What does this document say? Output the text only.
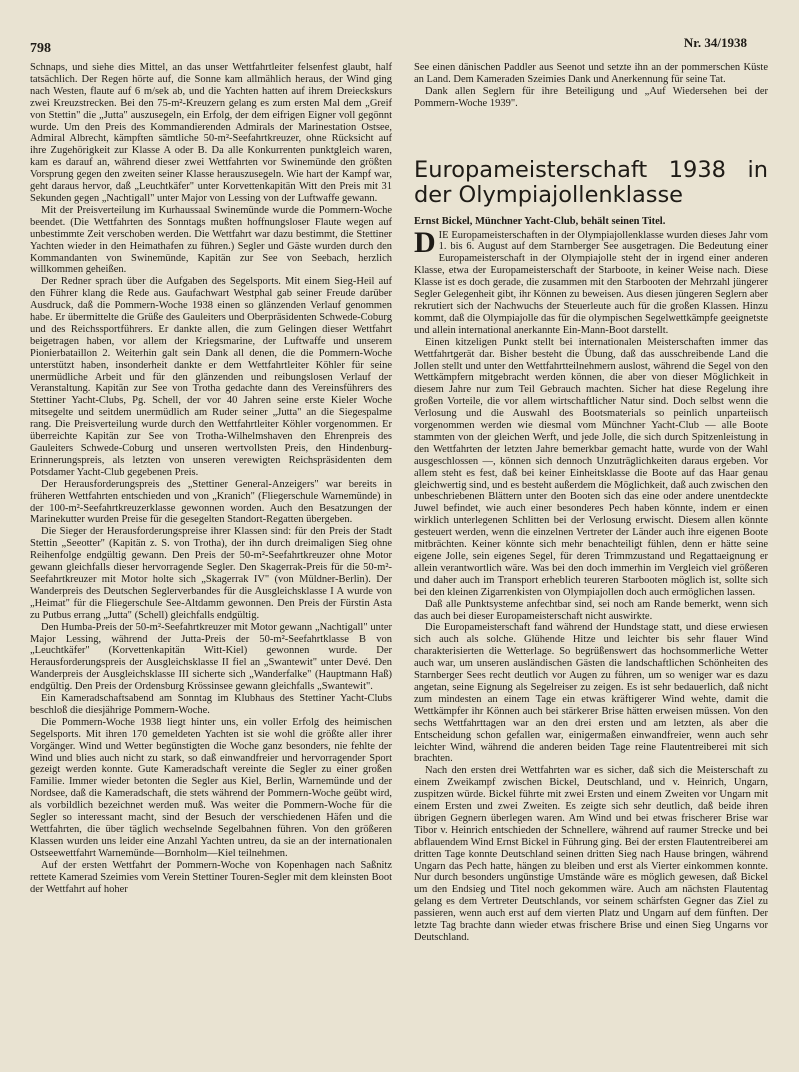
798	Nr. 34/1938

Schnaps, und siehe dies Mittel, an das unser Wettfahrtleiter felsenfest glaubt, half tatsächlich. Der Regen hörte auf, die Sonne kam allmählich heraus, der Wind ging nach Westen, flaute auf 6 m/sek ab, und die Yachten hatten auf ihrem Dreieckskurs zwei Kreuzstrecken. Bei den 75-m²-Kreuzern gelang es zum ersten Mal dem „Greif von Stettin" die „Jutta" auszusegeln, ein Erfolg, der dem eifrigen Eigner voll gegönnt wurde. Um den Preis des Kommandierenden Admirals der Marinestation Ostsee, Admiral Albrecht, kämpften sämtliche 50-m²-Seefahrtkreuzer, ohne Rücksicht auf ihre Zugehörigkeit zur Klasse A oder B. Da alle Konkurrenten punktgleich waren, kam es darauf an, während dieser zwei Wettfahrten vor Swinemünde den größten Vorsprung gegen den zweiten seiner Klasse herauszusegeln. Wie hart der Kampf war, geht daraus hervor, daß „Leuchtkäfer" unter Korvettenkapitän Witt den Preis mit 31 Sekunden gegen „Nachtigall" unter Major von Lessing von der Luftwaffe gewann.

Mit der Preisverteilung im Kurhaussaal Swinemünde wurde die Pommern-Woche beendet. (Die Wettfahrten des Sonntags mußten hoffnungsloser Flaute wegen auf unbestimmte Zeit verschoben werden. Die Wettfahrt war dazu bestimmt, die Stettiner Yachten wieder in den Heimathafen zu führen.) Segler und Gäste wurden durch den Kommandanten von Swinemünde, Kapitän zur See von Seebach, herzlich willkommen geheißen.

Der Redner sprach über die Aufgaben des Segelsports. Mit einem Sieg-Heil auf den Führer klang die Rede aus. Gaufachwart Westphal gab seiner Freude darüber Ausdruck, daß die Pommern-Woche 1938 einen so glänzenden Verlauf genommen habe. Er übermittelte die Grüße des Gauleiters und Oberpräsidenten Schwede-Coburg und des Reichssportführers. Er dankte allen, die zum Gelingen dieser Wettfahrt beigetragen haben, vor allem der Kriegsmarine, der Luftwaffe und unserem Pionierbataillon 2. Weiterhin galt sein Dank all denen, die die Pommern-Woche unterstützt haben, insonderheit dankte er dem Wettfahrtleiter Köhler für seine unermüdliche Arbeit und für den glänzenden und reibungslosen Verlauf der Veranstaltung. Kapitän zur See von Trotha gedachte dann des Vereinsführers des Stettiner Yacht-Clubs, Pg. Schell, der vor 40 Jahren seine erste Kieler Woche mitsegelte und seitdem unermüdlich am Ruder seiner „Jutta" an die Siegespalme rang. Die Preisverteilung wurde durch den Wettfahrtleiter Köhler vorgenommen. Er überreichte Kapitän zur See von Trotha-Wilhelmshaven den Ehrenpreis des Gauleiters Schwede-Coburg und unseren wertvollsten Preis, den Hindenburg-Erinnerungspreis, als letzten von unseren verewigten Reichspräsidenten dem Potsdamer Yacht-Club gegebenen Preis.

Der Herausforderungspreis des „Stettiner General-Anzeigers" war bereits in früheren Wettfahrten entschieden und von „Kranich" (Fliegerschule Warnemünde) in der 100-m²-Seefahrtkreuzerklasse gewonnen worden. Auch den Besatzungen der Marinekutter wurden Preise für die gesegelten Standort-Regatten übergeben.

Die Sieger der Herausforderungspreise ihrer Klassen sind: für den Preis der Stadt Stettin „Seeotter" (Kapitän z. S. von Trotha), der ihn durch dreimaligen Sieg ohne Reihenfolge endgültig gewann. Den Preis der 50-m²-Seefahrtkreuzer ohne Motor gewann gleichfalls dieser hervorragende Segler. Den Skagerrak-Preis für die 50-m²-Seefahrtkreuzer mit Motor holte sich „Skagerrak IV" (von Müldner-Berlin). Der Wanderpreis des Deutschen Seglerverbandes für die Ausgleichsklasse I A wurde von „Heimat" für die Fliegerschule See-Altdamm gewonnen. Den Preis der Fürstin Asta zu Putbus errang „Jutta" (Schell) gleichfalls endgültig.

Den Humba-Preis der 50-m²-Seefahrtkreuzer mit Motor gewann „Nachtigall" unter Major Lessing, während der Jutta-Preis der 50-m²-Seefahrtklasse B von „Leuchtkäfer" (Korvettenkapitän Witt-Kiel) gewonnen wurde. Der Herausforderungspreis der Ausgleichsklasse II fiel an „Swantewit" unter Devé. Den Wanderpreis der Ausgleichsklasse III sicherte sich „Wanderfalke" (Hauptmann Haß) endgültig. Den Preis der Ordensburg Krössinsee gewann gleichfalls „Swantewit".

Ein Kameradschaftsabend am Sonntag im Klubhaus des Stettiner Yacht-Clubs beschloß die diesjährige Pommern-Woche.

Die Pommern-Woche 1938 liegt hinter uns, ein voller Erfolg des heimischen Segelsports. Mit ihren 170 gemeldeten Yachten ist sie wohl die größte aller ihrer Vorgänger. Wind und Wetter begünstigten die Woche ganz besonders, nie fehlte der Wind und blies auch nicht zu stark, so daß einwandfreier und hervorragender Sport gezeigt werden konnte. Gute Kameradschaft vereinte die Segler zu einer großen Familie. Immer wieder betonten die Segler aus Kiel, Berlin, Warnemünde und der Nordsee, daß die Kameradschaft, die stets während der Pommern-Woche geübt wird, als vorbildlich bezeichnet werden muß. Was weiter die Pommern-Woche für die Segler so interessant macht, sind der Besuch der verschiedenen Häfen und die Wettfahrten, die über täglich wechselnde Segelbahnen führen. Von den größeren Klassen wurden uns leider eine Anzahl Yachten untreu, da sie an der internationalen Ostseewettfahrt Warnemünde—Bornholm—Kiel teilnehmen.

Auf der ersten Wettfahrt der Pommern-Woche von Kopenhagen nach Saßnitz rettete Kamerad Szeimies vom Verein Stettiner Touren-Segler mit dem kleinsten Boot der Wettfahrt auf hoher

See einen dänischen Paddler aus Seenot und setzte ihn an der pommerschen Küste an Land. Dem Kameraden Szeimies Dank und Anerkennung für seine Tat.

Dank allen Seglern für ihre Beteiligung und „Auf Wiedersehen bei der Pommern-Woche 1939".

Europameisterschaft 1938 in der Olympiajollenklasse
Ernst Bickel, Münchner Yacht-Club, behält seinen Titel.

DIE Europameisterschaften in der Olympiajollenklasse wurden dieses Jahr vom 1. bis 6. August auf dem Starnberger See ausgetragen. Die Bedeutung einer Europameisterschaft in der Olympiajolle steht der in irgend einer anderen Klasse, etwa der Europameisterschaft der Starboote, in keiner Weise nach. Diese Klasse ist es doch gerade, die zusammen mit den Starbooten der Mehrzahl jüngerer Segler Gelegenheit gibt, ihr Können zu beweisen. Aus diesen jüngeren Seglern aber rekrutiert sich der Nachwuchs der Steuerleute auch für die großen Klassen. Hinzu kommt, daß die Olympiajolle das für die olympischen Segelwettkämpfe geeignetste und allein international anerkannte Ein-Mann-Boot darstellt.

Einen kitzeligen Punkt stellt bei internationalen Meisterschaften immer das Wettfahrtgerät dar. Bisher besteht die Übung, daß das ausschreibende Land die Jollen stellt und unter den Wettfahrtteilnehmern auslost, während die Segel von den Wettkämpfern mitgebracht werden können, die aber von dieser Möglichkeit in diesem Jahre nur zum Teil Gebrauch machten. Sicher hat diese Regelung ihre großen Vorteile, die vor allem wirtschaftlicher Natur sind. Doch selbst wenn die Verlosung und die Auswahl des Bootsmaterials so peinlich unparteiisch vorgenommen werden wie diesmal vom Münchner Yacht-Club — alle Boote stammten von der gleichen Werft, und jede Jolle, die sich durch Spitzenleistung in den Wettfahrten der letzten Jahre bemerkbar gemacht hatte, wurde von der Wahl ausgeschlossen —, können sich dennoch Unzuträglichkeiten daraus ergeben. Vor allem steht es fest, daß bei keiner Einheitsklasse die Boote auf das Haar genau gleichwertig sind, und es besteht außerdem die Möglichkeit, daß auch zwischen den unbeschriebenen Blättern unter den Booten sich das eine oder andere unentdeckte Juwel befindet, wie auch einer besonderes Pech haben könnte, indem er einen wirklich unterlegenen Schlitten bei der Verlosung erwischt. Diesem allen könnte gesteuert werden, wenn die einzelnen Vertreter der Länder auch ihre eigenen Boote mitbrächten. Keiner könnte sich mehr benachteiligt fühlen, denn er hätte seine eigene Jolle, sein eigenes Segel, für deren Trimmzustand und Regattaeignung er allein verantwortlich wäre. Was bei den doch immerhin im Vergleich viel größeren und daher auch im Transport erheblich teureren Starbooten möglich ist, sollte sich bei den kleinen Zigarrenkisten von Olympiajollen doch auch ermöglichen lassen.

Daß alle Punktsysteme anfechtbar sind, sei noch am Rande bemerkt, wenn sich das auch bei dieser Europameisterschaft nicht auswirkte.

Die Europameisterschaft fand während der Hundstage statt, und diese erwiesen sich auch als solche. Glühende Hitze und leichter bis sehr flauer Wind charakterisierten die Wetterlage. So begrüßenswert das hochsommerliche Wetter auch war, um unseren ausländischen Gästen die landschaftlichen Schönheiten des Starnberger Sees recht deutlich vor Augen zu führen, um so weniger war es dazu angetan, seine Eignung als Segelreiser zu zeigen. Es ist sehr bedauerlich, daß nicht zum mindesten an einem Tage ein etwas kräftigerer Wind wehte, damit die Wettkämpfer ihr Können auch bei stärkerer Brise hätten erweisen müssen. Von den sechs Wettfahrttagen war an den drei ersten und am letzten, als aber die Entscheidung schon gefallen war, einigermaßen einwandfreier, wenn auch sehr leichter Wind, während die anderen beiden Tage reine Flautentreiberei mit sich brachten.

Nach den ersten drei Wettfahrten war es sicher, daß sich die Meisterschaft zu einem Zweikampf zwischen Bickel, Deutschland, und v. Heinrich, Ungarn, zuspitzen würde. Bickel führte mit zwei Ersten und einem Zweiten vor Ungarn mit einem Ersten und zwei Zweiten. Es zeigte sich sehr deutlich, daß beide ihren übrigen Gegnern überlegen waren. Am Wind und bei etwas frischerer Brise war Tibor v. Heinrich entschieden der Schnellere, während auf raumer Strecke und bei abflauendem Wind Ernst Bickel in Führung ging. Bei der ersten Flautentreiberei am dritten Tage konnte Deutschland seinen dritten Sieg nach Hause bringen, während Ungarn das Pech hatte, hängen zu bleiben und erst als Vierter einkommen konnte. Nur durch besonders ungünstige Umstände wäre es möglich gewesen, daß Bickel um den Endsieg und Titel noch gekommen wäre. Auch am nächsten Flautentag gelang es dem Vertreter Deutschlands, vor seinem schärfsten Gegner das Ziel zu passieren, wenn auch erst auf dem vierten Platz und Ungarn auf dem fünften. Der letzte Tag brachte dann wieder etwas frischere Brise und einen Sieg Ungarns vor Deutschland.
